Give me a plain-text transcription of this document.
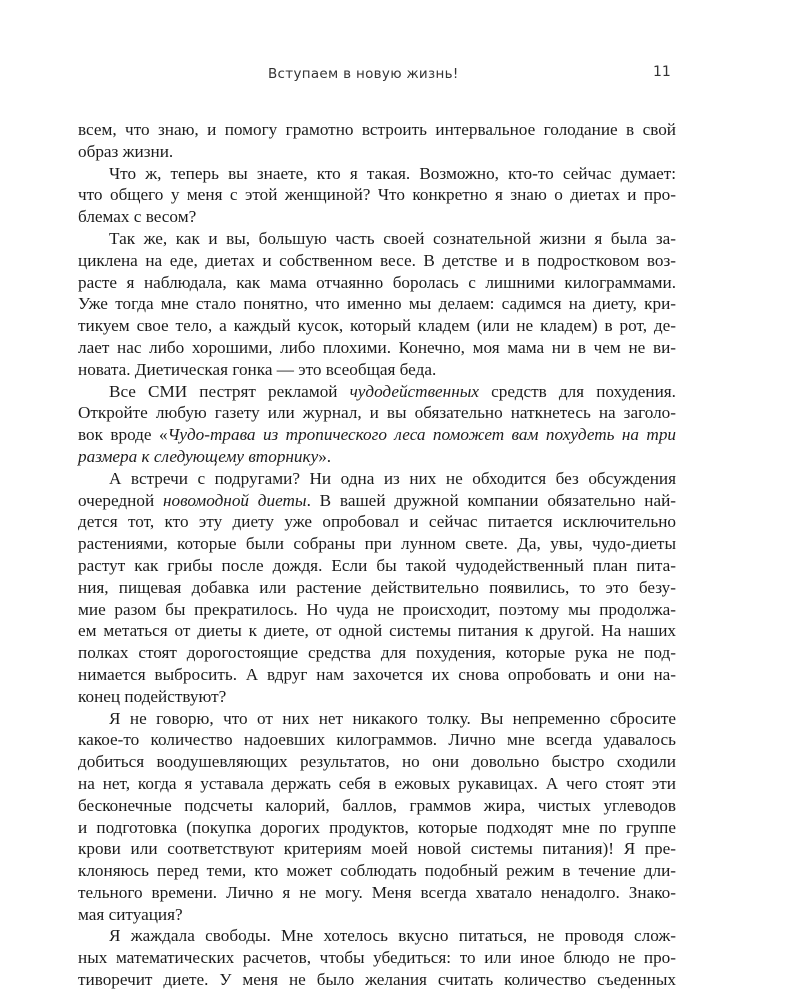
Вступаем в новую жизнь!	11
всем, что знаю, и помогу грамотно встроить интервальное голодание в свой
образ жизни.
Что ж, теперь вы знаете, кто я такая. Возможно, кто-то сейчас думает:
что общего у меня с этой женщиной? Что конкретно я знаю о диетах и про-
блемах с весом?
Так же, как и вы, большую часть своей сознательной жизни я была за-
циклена на еде, диетах и собственном весе. В детстве и в подростковом воз-
расте я наблюдала, как мама отчаянно боролась с лишними килограммами.
Уже тогда мне стало понятно, что именно мы делаем: садимся на диету, кри-
тикуем свое тело, а каждый кусок, который кладем (или не кладем) в рот, де-
лает нас либо хорошими, либо плохими. Конечно, моя мама ни в чем не ви-
новата. Диетическая гонка — это всеобщая беда.
Все СМИ пестрят рекламой чудодейственных средств для похудения.
Откройте любую газету или журнал, и вы обязательно наткнетесь на заголо-
вок вроде «Чудо-трава из тропического леса поможет вам похудеть на три
размера к следующему вторнику».
А встречи с подругами? Ни одна из них не обходится без обсуждения
очередной новомодной диеты. В вашей дружной компании обязательно най-
дется тот, кто эту диету уже опробовал и сейчас питается исключительно
растениями, которые были собраны при лунном свете. Да, увы, чудо-диеты
растут как грибы после дождя. Если бы такой чудодейственный план пита-
ния, пищевая добавка или растение действительно появились, то это безу-
мие разом бы прекратилось. Но чуда не происходит, поэтому мы продолжа-
ем метаться от диеты к диете, от одной системы питания к другой. На наших
полках стоят дорогостоящие средства для похудения, которые рука не под-
нимается выбросить. А вдруг нам захочется их снова опробовать и они на-
конец подействуют?
Я не говорю, что от них нет никакого толку. Вы непременно сбросите
какое-то количество надоевших килограммов. Лично мне всегда удавалось
добиться воодушевляющих результатов, но они довольно быстро сходили
на нет, когда я уставала держать себя в ежовых рукавицах. А чего стоят эти
бесконечные подсчеты калорий, баллов, граммов жира, чистых углеводов
и подготовка (покупка дорогих продуктов, которые подходят мне по группе
крови или соответствуют критериям моей новой системы питания)! Я пре-
клоняюсь перед теми, кто может соблюдать подобный режим в течение дли-
тельного времени. Лично я не могу. Меня всегда хватало ненадолго. Знако-
мая ситуация?
Я жаждала свободы. Мне хотелось вкусно питаться, не проводя слож-
ных математических расчетов, чтобы убедиться: то или иное блюдо не про-
тиворечит диете. У меня не было желания считать количество съеденных
